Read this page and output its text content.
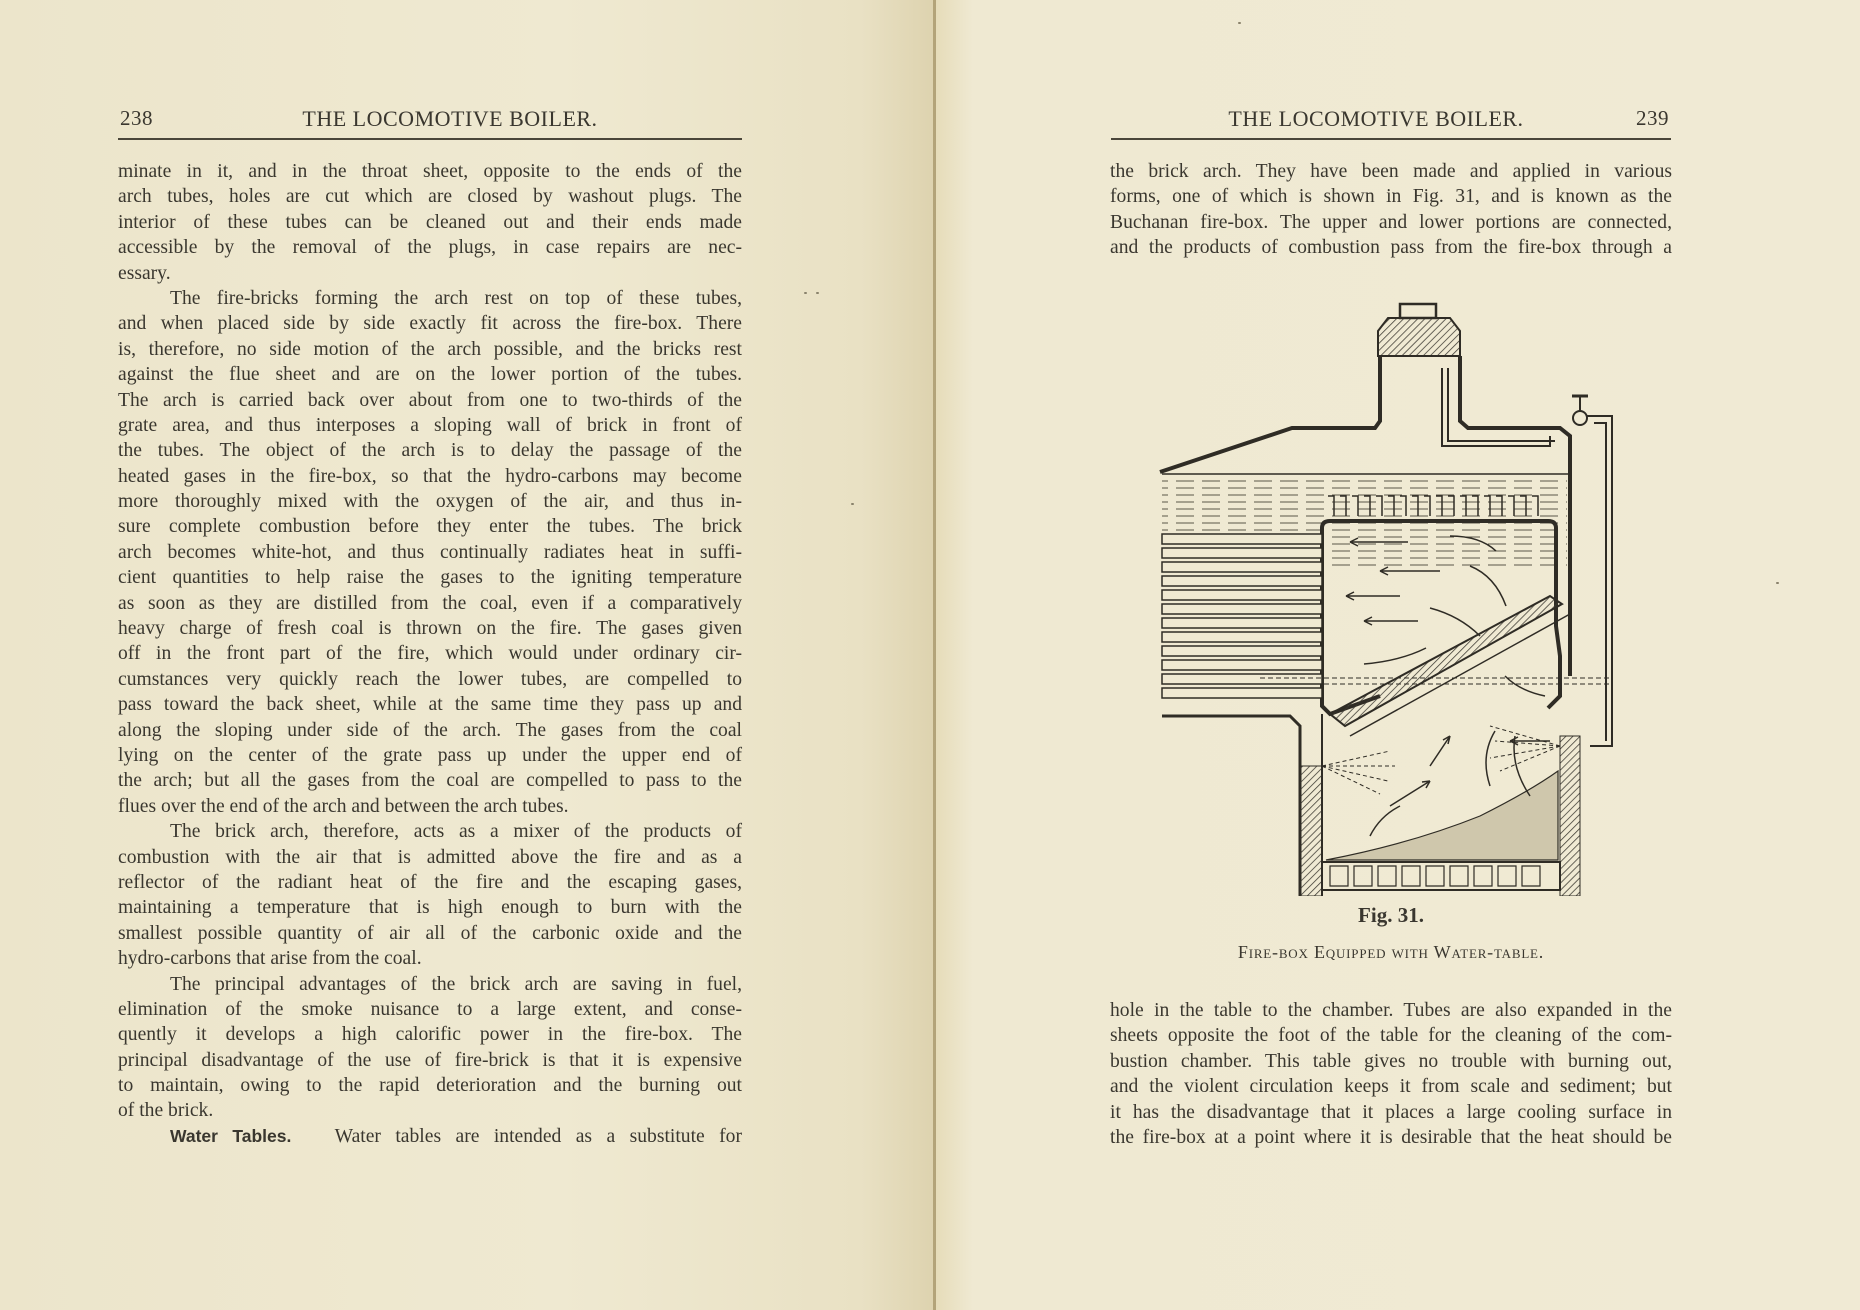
238	THE LOCOMOTIVE BOILER.
minate in it, and in the throat sheet, opposite to the ends of the
arch tubes, holes are cut which are closed by washout plugs. The
interior of these tubes can be cleaned out and their ends made
accessible by the removal of the plugs, in case repairs are nec-
essary.
The fire-bricks forming the arch rest on top of these tubes,
and when placed side by side exactly fit across the fire-box. There
is, therefore, no side motion of the arch possible, and the bricks rest
against the flue sheet and are on the lower portion of the tubes.
The arch is carried back over about from one to two-thirds of the
grate area, and thus interposes a sloping wall of brick in front of
the tubes. The object of the arch is to delay the passage of the
heated gases in the fire-box, so that the hydro-carbons may become
more thoroughly mixed with the oxygen of the air, and thus in-
sure complete combustion before they enter the tubes. The brick
arch becomes white-hot, and thus continually radiates heat in suffi-
cient quantities to help raise the gases to the igniting temperature
as soon as they are distilled from the coal, even if a comparatively
heavy charge of fresh coal is thrown on the fire. The gases given
off in the front part of the fire, which would under ordinary cir-
cumstances very quickly reach the lower tubes, are compelled to
pass toward the back sheet, while at the same time they pass up and
along the sloping under side of the arch. The gases from the coal
lying on the center of the grate pass up under the upper end of
the arch; but all the gases from the coal are compelled to pass to the
flues over the end of the arch and between the arch tubes.
The brick arch, therefore, acts as a mixer of the products of
combustion with the air that is admitted above the fire and as a
reflector of the radiant heat of the fire and the escaping gases,
maintaining a temperature that is high enough to burn with the
smallest possible quantity of air all of the carbonic oxide and the
hydro-carbons that arise from the coal.
The principal advantages of the brick arch are saving in fuel,
elimination of the smoke nuisance to a large extent, and conse-
quently it develops a high calorific power in the fire-box. The
principal disadvantage of the use of fire-brick is that it is expensive
to maintain, owing to the rapid deterioration and the burning out
of the brick.
Water Tables. Water tables are intended as a substitute for
THE LOCOMOTIVE BOILER.	239
the brick arch. They have been made and applied in various
forms, one of which is shown in Fig. 31, and is known as the
Buchanan fire-box. The upper and lower portions are connected,
and the products of combustion pass from the fire-box through a
Fig. 31.
Fire-box Equipped with Water-table.
hole in the table to the chamber. Tubes are also expanded in the
sheets opposite the foot of the table for the cleaning of the com-
bustion chamber. This table gives no trouble with burning out,
and the violent circulation keeps it from scale and sediment; but
it has the disadvantage that it places a large cooling surface in
the fire-box at a point where it is desirable that the heat should be
